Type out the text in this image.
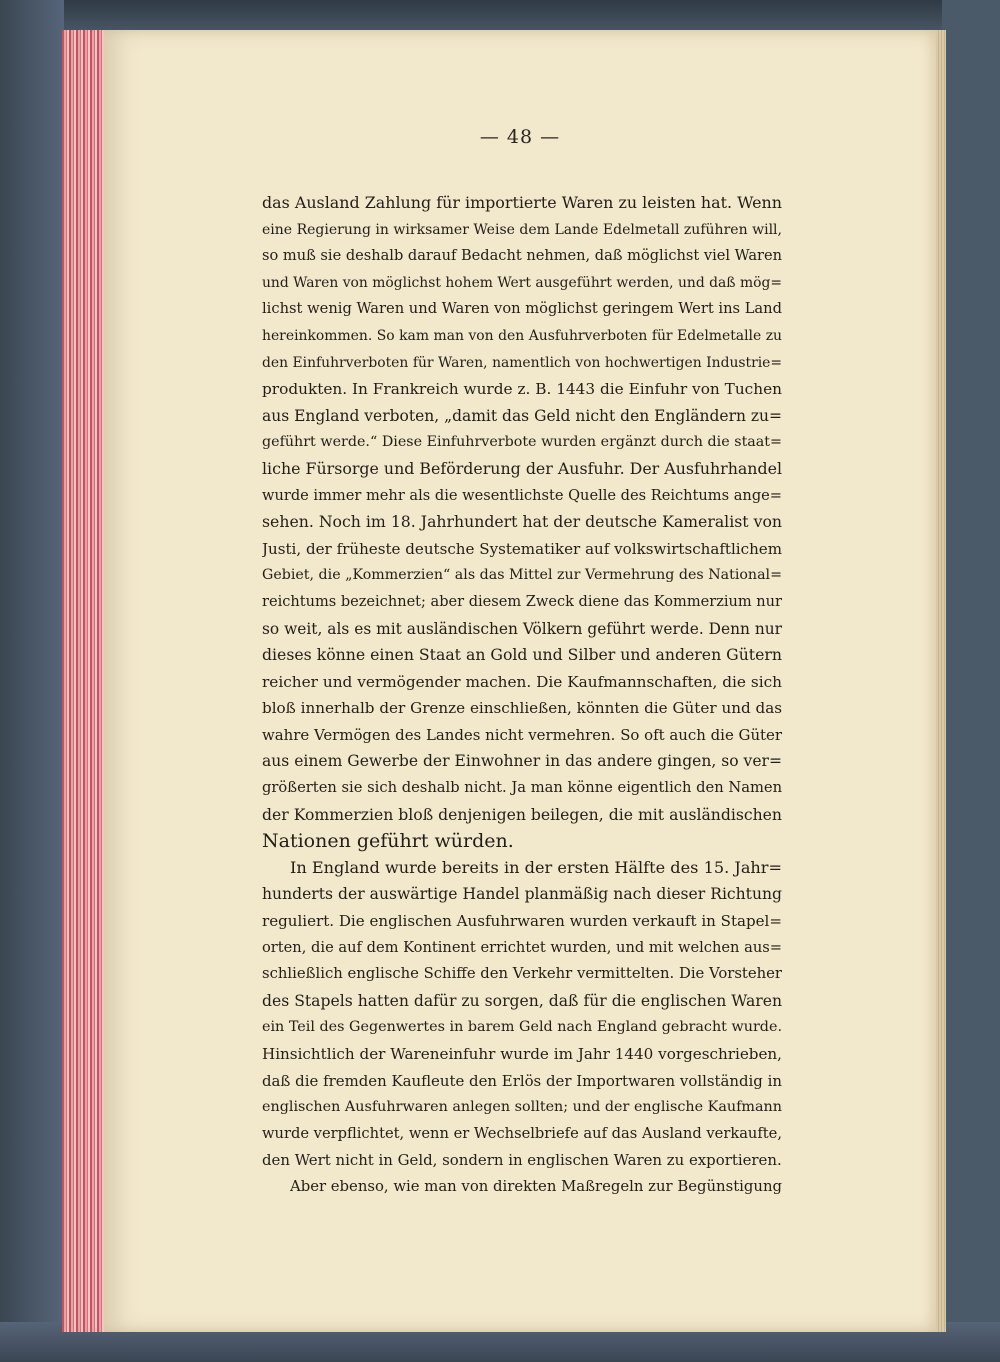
— 48 —
das Ausland Zahlung für importierte Waren zu leisten hat. Wenn
eine Regierung in wirksamer Weise dem Lande Edelmetall zuführen will,
so muß sie deshalb darauf Bedacht nehmen, daß möglichst viel Waren
und Waren von möglichst hohem Wert ausgeführt werden, und daß mög=
lichst wenig Waren und Waren von möglichst geringem Wert ins Land
hereinkommen. So kam man von den Ausfuhrverboten für Edelmetalle zu
den Einfuhrverboten für Waren, namentlich von hochwertigen Industrie=
produkten. In Frankreich wurde z. B. 1443 die Einfuhr von Tuchen
aus England verboten, „damit das Geld nicht den Engländern zu=
geführt werde.“ Diese Einfuhrverbote wurden ergänzt durch die staat=
liche Fürsorge und Beförderung der Ausfuhr. Der Ausfuhrhandel
wurde immer mehr als die wesentlichste Quelle des Reichtums ange=
sehen. Noch im 18. Jahrhundert hat der deutsche Kameralist von
Justi, der früheste deutsche Systematiker auf volkswirtschaftlichem
Gebiet, die „Kommerzien“ als das Mittel zur Vermehrung des National=
reichtums bezeichnet; aber diesem Zweck diene das Kommerzium nur
so weit, als es mit ausländischen Völkern geführt werde. Denn nur
dieses könne einen Staat an Gold und Silber und anderen Gütern
reicher und vermögender machen. Die Kaufmannschaften, die sich
bloß innerhalb der Grenze einschließen, könnten die Güter und das
wahre Vermögen des Landes nicht vermehren. So oft auch die Güter
aus einem Gewerbe der Einwohner in das andere gingen, so ver=
größerten sie sich deshalb nicht. Ja man könne eigentlich den Namen
der Kommerzien bloß denjenigen beilegen, die mit ausländischen
Nationen geführt würden.
In England wurde bereits in der ersten Hälfte des 15. Jahr=
hunderts der auswärtige Handel planmäßig nach dieser Richtung
reguliert. Die englischen Ausfuhrwaren wurden verkauft in Stapel=
orten, die auf dem Kontinent errichtet wurden, und mit welchen aus=
schließlich englische Schiffe den Verkehr vermittelten. Die Vorsteher
des Stapels hatten dafür zu sorgen, daß für die englischen Waren
ein Teil des Gegenwertes in barem Geld nach England gebracht wurde.
Hinsichtlich der Wareneinfuhr wurde im Jahr 1440 vorgeschrieben,
daß die fremden Kaufleute den Erlös der Importwaren vollständig in
englischen Ausfuhrwaren anlegen sollten; und der englische Kaufmann
wurde verpflichtet, wenn er Wechselbriefe auf das Ausland verkaufte,
den Wert nicht in Geld, sondern in englischen Waren zu exportieren.
Aber ebenso, wie man von direkten Maßregeln zur Begünstigung
